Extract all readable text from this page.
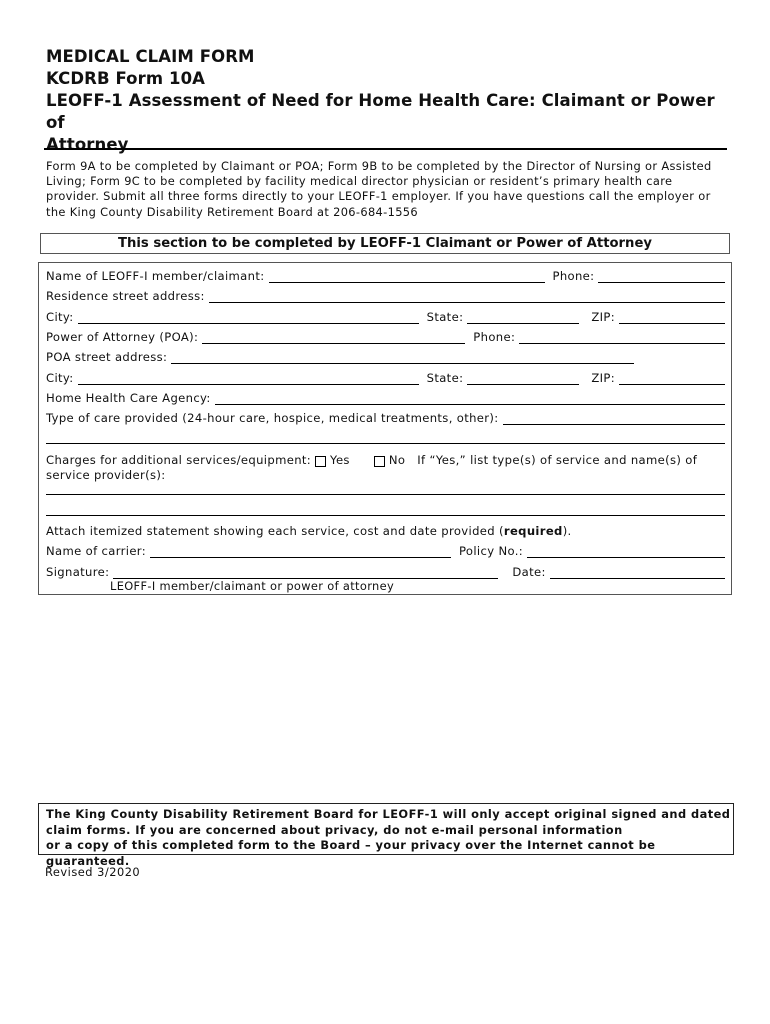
MEDICAL CLAIM FORM
KCDRB Form 10A
LEOFF-1 Assessment of Need for Home Health Care: Claimant or Power of
Attorney
Form 9A to be completed by Claimant or POA; Form 9B to be completed by the Director of Nursing or Assisted
Living; Form 9C to be completed by facility medical director physician or resident’s primary health care
provider. Submit all three forms directly to your LEOFF-1 employer. If you have questions call the employer or
the King County Disability Retirement Board at 206-684-1556
This section to be completed by LEOFF-1 Claimant or Power of Attorney
Name of LEOFF-I member/claimant:	Phone:
Residence street address:
City:	State:	ZIP:
Power of Attorney (POA):	Phone:
POA street address:
City:	State:	ZIP:
Home Health Care Agency:
Type of care provided (24-hour care, hospice, medical treatments, other):
Charges for additional services/equipment:	Yes	No	If “Yes,” list type(s) of service and name(s) of
service provider(s):
Attach itemized statement showing each service, cost and date provided ( required ).
Name of carrier:	Policy No.:
Signature:	Date:
LEOFF-I member/claimant or power of attorney
The King County Disability Retirement Board for LEOFF-1 will only accept original signed and dated
claim forms. If you are concerned about privacy, do not e-mail personal information
or a copy of this completed form to the Board – your privacy over the Internet cannot be guaranteed.
Revised 3/2020
